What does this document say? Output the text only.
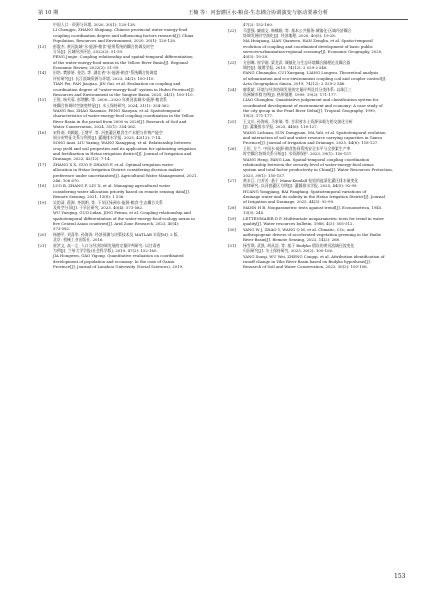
第 10 期	王楠 等：河套灌区水-粮食-生态耦合协调演变与驱动要素分析

中国人口 · 资源与环境, 2020, 30(1): 120-128.

LI Chengyu, ZHANG Shiqiang. Chinese provincial water-energy-food

coupling coordination degree and influencing factors research[J]. China

Population, Resources and Environment, 2020, 30(1): 120-128.

[13] 彭俊杰. 黄河流域"水-能源-粮食"纽带系统的耦合协调及时空

分异[J]. 区域经济评论, 2022(2): 51-59.

PENG Junjie. Coupling relationship and spatial-temporal differentiation

of the water-energy-food nexus in the Yellow River Basin[J]. Regional

Economic Review, 2022(2): 51-59.

[14] 田培, 樊娇妍, 金浩, 等. 湖北省"水-能源-粮食"系统耦合协调度

评价研究[J]. 长江流域资源与环境, 2023, 34(1): 100-110.

TIAN Pei, FAN Jiaojiao, JIN Gui, et al. Evaluation on coupling and

coordination degree of "water-energy-food" system in Hubei Province[J].

Resources and Environment in the Yangtze Basin, 2025, 34(1): 100-110.

[15] 王锐, 杨芙蓉, 彭增鹏, 等. 2000—2020 年黄河流域水-能源-粮食系

统耦合协调时空演变特征[J]. 水土保持研究, 2024, 31(1): 354-362.

WANG Rui, ZHAO Xiaoxiao, PENG Xiaoyan, et al. Spatiotemporal

characteristics of water-energy-food coupling coordination in the Yellow

River Basin in the period from 2000 to 2020[J]. Research of Soil and

Water Conservation, 2024, 31(1): 354-362.

[16] 宋科南, 刘颖超, 王增平, 等. 河套灌区粮食生产水肥与作物产能空

间分布特征关系与利用[J]. 灌溉排水学报, 2023, 42(12): 7-14.

SONG Anzi, LIU Yaxing, WANG Xiangping, et al. Relationship between

crop yield and soil properties and its application for optimizing irrigation

and fertilization in Hetao irrigation district[J]. Journal of Irrigation and

Drainage, 2023, 42(12): 7-14.

[17] ZHANG X X, GUO P, ZHANG F, et al. Optimal irrigation water

allocation in Hetao Irrigation District considering decision makers'

preference under uncertainties[J]. Agricultural Water Management, 2021,

246: 106 670.

[18] LUO B, ZHANG F, LIU X, et al. Managing agricultural water

considering water allocation priority based on remote sensing data[J].

Remote Sensing, 2021, 13(8): 1 536.

[19] 吴韵清, 薛源, 齐润明, 等. 干旱区绿洲水-能源-粮食-生态耦合关系

及时空分异[J]. 干旱区研究, 2023, 40(4): 573-582.

WU Yueqing, GUO Lidan, JING Peiran, et al. Coupling relationship and

spatiotemporal differentiation of the water-energy-food-ecology nexus in

five Central Asian countries[J]. Arid Zone Research, 2023, 40(4):

573-582.

[20] 杨德平, 刘喜华, 孙海涛. 经济预测与决策技术及 MATLAB 实现[M]. 2 版.

北京: 机械工业出版社, 2016.

[21] 贾洪文, 高一尘. 人口与经济协调发展的定量评判研究: 以甘肃省

为例[J]. 兰州大学学报(社会科学版), 2019, 47(2): 152-160.

JIA Hongwen, GAO Yigong. Quantitative evaluation on coordinated

development of population and economy: In the case of Gansu

Province[J]. Journal of Lanzhou University (Social Sciences), 2019,

47(2): 152-160.

[22] 马慧强, 廉倩文, 韩娜娟, 等. 基本公共服务-城镇化-区域经济耦合

协调发展时空演化[J]. 经济地理, 2020, 40(5): 19-28.

MA Huiqiang, LIAN Qianwen, HAN Zenglin, et al. Spatio-temporal

evolution of coupling and coordinated development of basic public

services-urbanization-regional economy[J]. Economic Geography, 2020,

40(5): 19-28.

[23] 方创琳, 崔学刚, 梁龙武. 城镇化与生态环境耦合圈理论及耦合器

调控[J]. 地理学报, 2019, 74(12): 2 529-2 546.

FANG Chuanglin, CUI Xuegang, LIANG Longwu. Theoretical analysis

of urbanization and eco-environment coupling coil and coupler control[J].

Acta Geographica Sinica, 2019, 74(12): 2 529-2 546.

[24] 廖重斌. 环境与经济协调发展的定量评判及其分类体系: 以珠江三

角洲城市群为例[J]. 热带地理, 1999, 19(2): 171-177.

LIAO Chongbin. Quantitative judgement and classification system for

coordinated development of environment and economy: A case study of

the city group in the Pearl River Delta[J]. Tropical Geography, 1999,

19(2): 171-177.

[25] 王文川, 孙海成, 马家瑞, 等. 甘肃省水土资源承载力相交演化分析

[J]. 灌溉排水学报, 2025, 44(6): 118-127.

WANG Lichuan, SUN Dongyuan, MA Yali, et al. Spatiotemporal evolution

and interaction of soil and water resource carrying capacities in Gansu

Province[J]. Journal of Irrigation and Drainage, 2025, 44(6): 118-127.

[26] 王恒, 方兰. 中国水-能源-粮食协同系统安全水平与全要素生产率

时空耦合协调关系分析[J]. 水资源保护, 2023, 39(1): 150-157.

WANG Heng, FANG Lan. Spatial-temporal coupling coordination

relationship between the security level of water-energy-food nexus

system and total factor productivity in China[J]. Water Resources Protection,

2023, 39(1): 150-157.

[27] 黄永江, 白芳芳. 基于 Mann-Kendall 检验的盐渍化灌区排水量变化

规律研究: 以河套灌区为例[J]. 灌溉排水学报, 2025, 44(5): 92-99.

HUANG Yongjiang, BAI Fangfang. Spatiotemporal variations of

drainage water and its salinity in the Hetao Irrigation District[J]. Journal

of Irrigation and Drainage, 2025, 44(5): 92-99.

[28] MANN H B. Nonparametric tests against trend[J]. Econometrica, 1945,

13(3): 245.

[29] LETTENMAIER D P. Multivariate nonparametric tests for trend in water

quality[J]. Water resources bulletin, 1988, 4(3): 505-512.

[30] YANG W J, ZHAO Y, WANG Q M, et al. Climatic, CO₂, and

anthropogenic drivers of accelerated vegetation greening in the Haihe

River Basin[J]. Remote Sensing, 2022, 14(2): 268.

[31] 杨雪琪, 武凯, 胡从浩, 等. 基于 Budyko 假设的黄河流域径流变化

归因研究[J]. 水土保持研究, 2023, 30(2): 100-106.

YANG Xueqi, WU Wei, ZHENG Congqi, et al. Attribution identification of

runoff change in Yihe River Basin based on Budyko hypothesis[J].

Research of Soil and Water Conservation, 2023, 30(2): 100-106.

153
